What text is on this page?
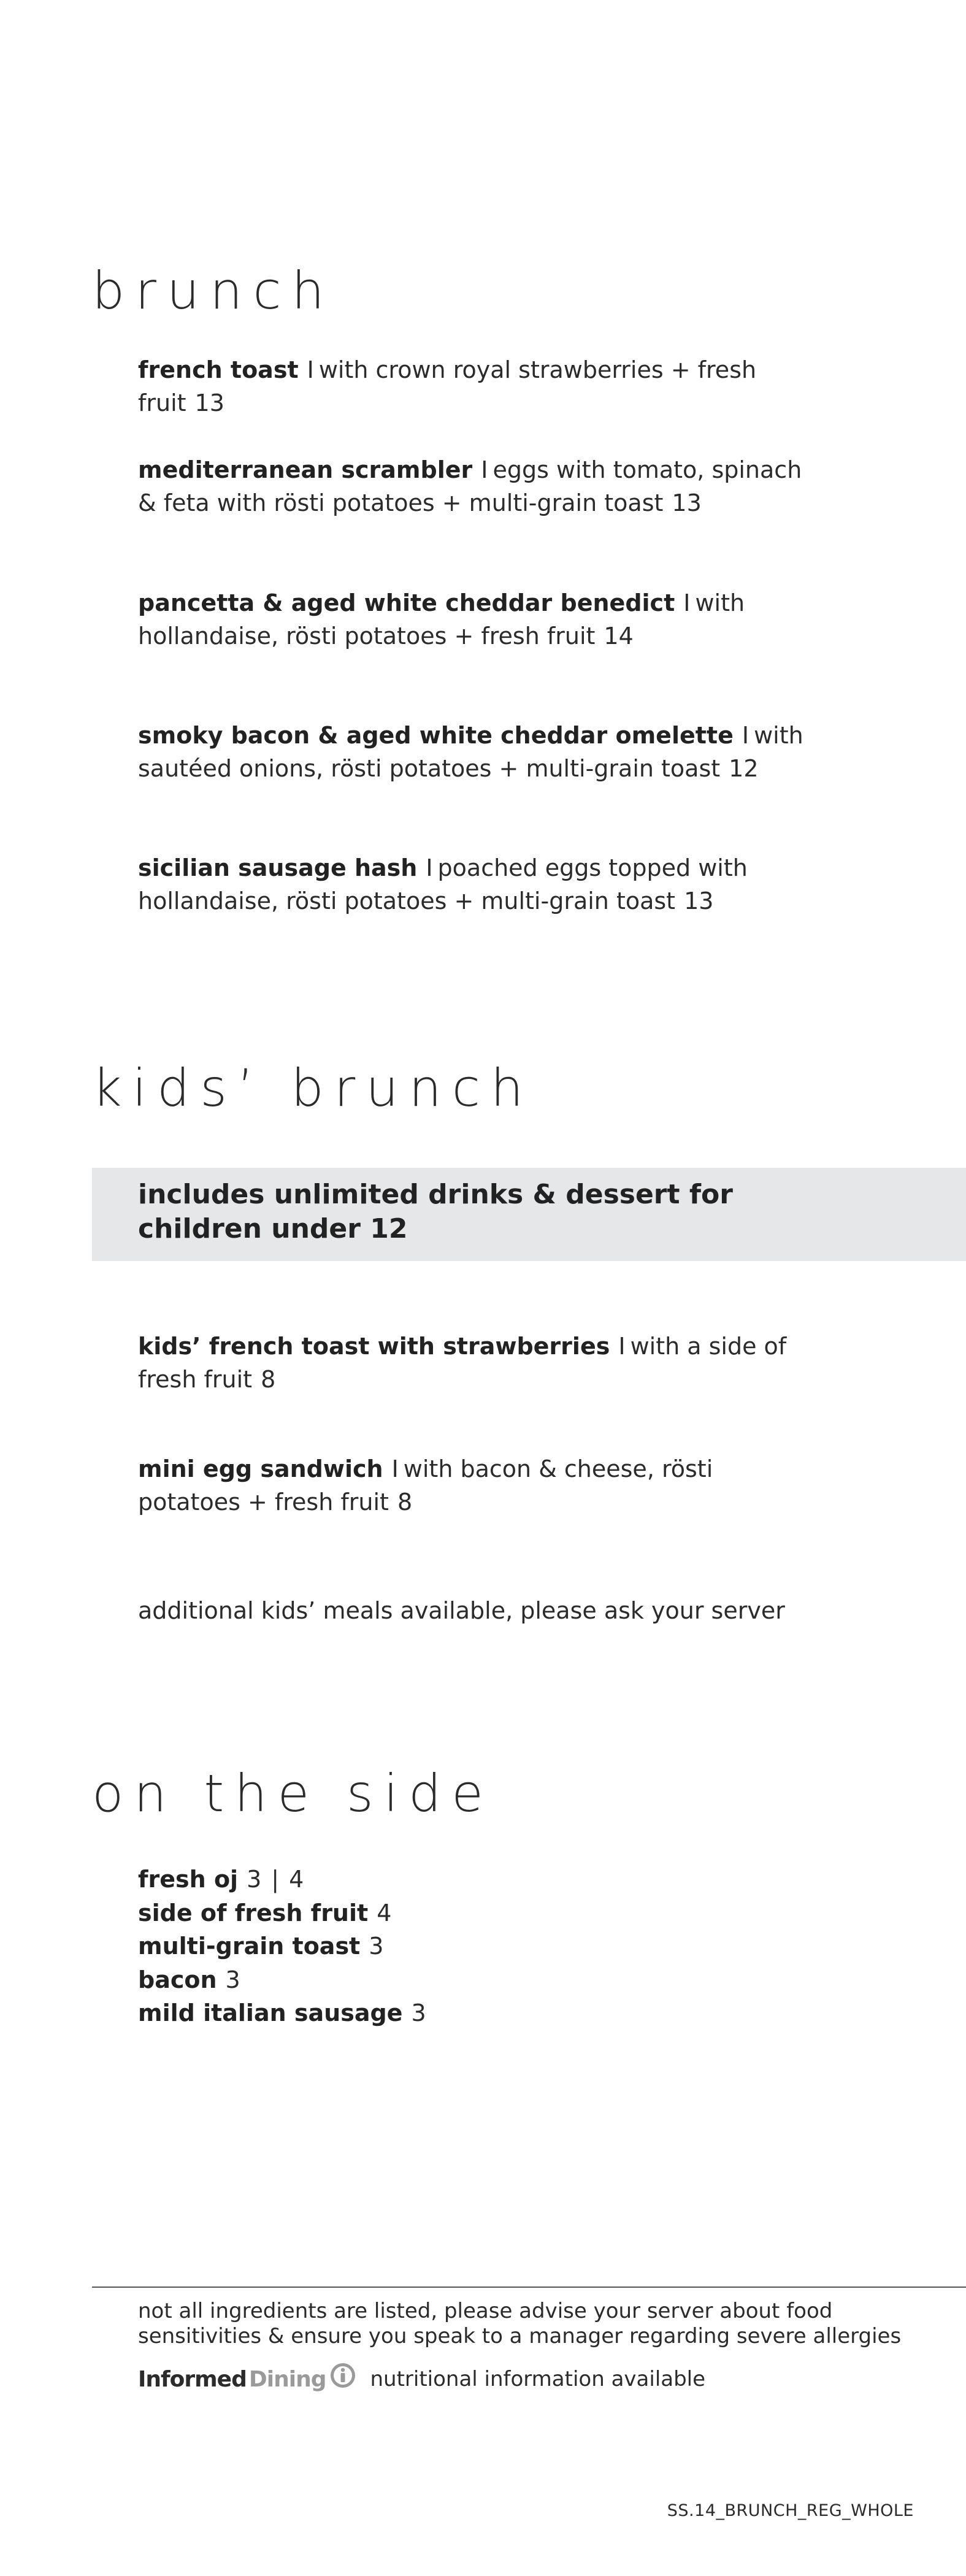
brunch
french toast I with crown royal strawberries + fresh fruit 13
mediterranean scrambler I eggs with tomato, spinach & feta with rösti potatoes + multi-grain toast 13
pancetta & aged white cheddar benedict I with hollandaise, rösti potatoes + fresh fruit 14
smoky bacon & aged white cheddar omelette I with sautéed onions, rösti potatoes + multi-grain toast 12
sicilian sausage hash I poached eggs topped with hollandaise, rösti potatoes + multi-grain toast 13
kids’ brunch
includes unlimited drinks & dessert for children under 12
kids’ french toast with strawberries I with a side of fresh fruit 8
mini egg sandwich I with bacon & cheese, rösti potatoes + fresh fruit 8
additional kids’ meals available, please ask your server
on the side
fresh oj 3 | 4
side of fresh fruit 4
multi-grain toast 3
bacon 3
mild italian sausage 3
not all ingredients are listed, please advise your server about food sensitivities & ensure you speak to a manager regarding severe allergies
Informed Dining nutritional information available
SS.14_BRUNCH_REG_WHOLE
